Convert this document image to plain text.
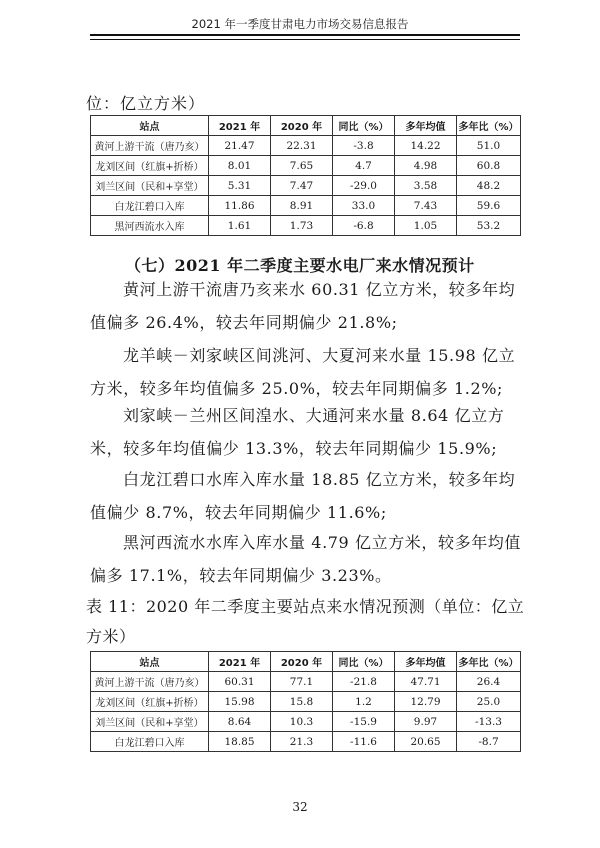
2021 年一季度甘肃电力市场交易信息报告
位：亿立方米）
站点	2021 年	2020 年	同比（%）	多年均值	多年比（%）
黄河上游干流（唐乃亥）	21.47	22.31	-3.8	14.22	51.0
龙刘区间（红旗+折桥）	8.01	7.65	4.7	4.98	60.8
刘兰区间（民和+享堂）	5.31	7.47	-29.0	3.58	48.2
白龙江碧口入库	11.86	8.91	33.0	7.43	59.6
黑河西流水入库	1.61	1.73	-6.8	1.05	53.2
（七）2021 年二季度主要水电厂来水情况预计

黄河上游干流唐乃亥来水 60.31 亿立方米，较多年均值偏多 26.4%，较去年同期偏少 21.8%;

龙羊峡－刘家峡区间洮河、大夏河来水量 15.98 亿立方米，较多年均值偏多 25.0%，较去年同期偏多 1.2%;

刘家峡－兰州区间湟水、大通河来水量 8.64 亿立方米，较多年均值偏少 13.3%，较去年同期偏少 15.9%;

白龙江碧口水库入库水量 18.85 亿立方米，较多年均值偏少 8.7%，较去年同期偏少 11.6%;

黑河西流水水库入库水量 4.79 亿立方米，较多年均值偏多 17.1%，较去年同期偏少 3.23%。

表 11：2020 年二季度主要站点来水情况预测（单位：亿立方米）

站点	2021 年	2020 年	同比（%）	多年均值	多年比（%）
黄河上游干流（唐乃亥）	60.31	77.1	-21.8	47.71	26.4
龙刘区间（红旗+折桥）	15.98	15.8	1.2	12.79	25.0
刘兰区间（民和+享堂）	8.64	10.3	-15.9	9.97	-13.3
白龙江碧口入库	18.85	21.3	-11.6	20.65	-8.7
32
